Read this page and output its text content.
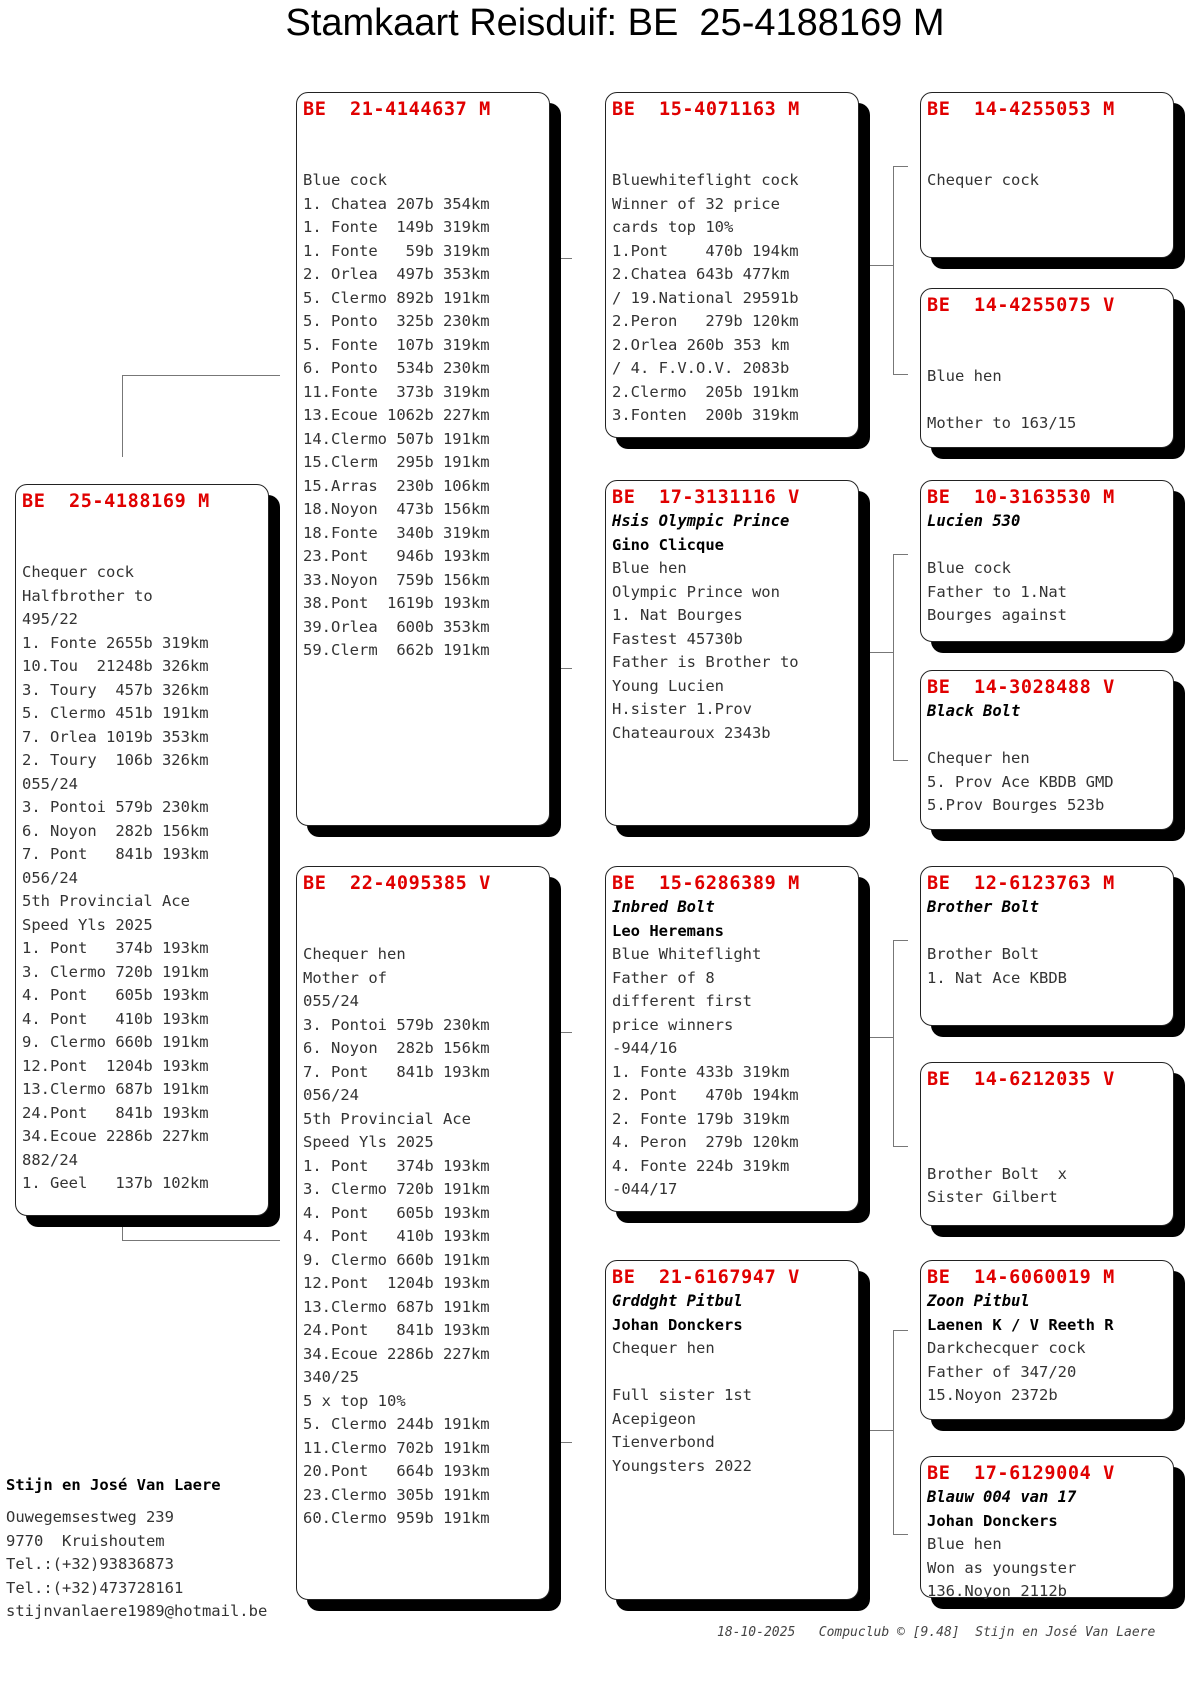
Stamkaart Reisduif: BE  25-4188169 M
BE  25-4188169 M
Chequer cock
Halfbrother to
495/22
1. Fonte 2655b 319km
10.Tou  21248b 326km
3. Toury  457b 326km
5. Clermo 451b 191km
7. Orlea 1019b 353km
2. Toury  106b 326km
055/24
3. Pontoi 579b 230km
6. Noyon  282b 156km
7. Pont   841b 193km
056/24
5th Provincial Ace
Speed Yls 2025
1. Pont   374b 193km
3. Clermo 720b 191km
4. Pont   605b 193km
4. Pont   410b 193km
9. Clermo 660b 191km
12.Pont  1204b 193km
13.Clermo 687b 191km
24.Pont   841b 193km
34.Ecoue 2286b 227km
882/24
1. Geel   137b 102km
BE  21-4144637 M
Blue cock
1. Chatea 207b 354km
1. Fonte  149b 319km
1. Fonte   59b 319km
2. Orlea  497b 353km
5. Clermo 892b 191km
5. Ponto  325b 230km
5. Fonte  107b 319km
6. Ponto  534b 230km
11.Fonte  373b 319km
13.Ecoue 1062b 227km
14.Clermo 507b 191km
15.Clerm  295b 191km
15.Arras  230b 106km
18.Noyon  473b 156km
18.Fonte  340b 319km
23.Pont   946b 193km
33.Noyon  759b 156km
38.Pont  1619b 193km
39.Orlea  600b 353km
59.Clerm  662b 191km
BE  22-4095385 V
Chequer hen
Mother of
055/24
3. Pontoi 579b 230km
6. Noyon  282b 156km
7. Pont   841b 193km
056/24
5th Provincial Ace
Speed Yls 2025
1. Pont   374b 193km
3. Clermo 720b 191km
4. Pont   605b 193km
4. Pont   410b 193km
9. Clermo 660b 191km
12.Pont  1204b 193km
13.Clermo 687b 191km
24.Pont   841b 193km
34.Ecoue 2286b 227km
340/25
5 x top 10%
5. Clermo 244b 191km
11.Clermo 702b 191km
20.Pont   664b 193km
23.Clermo 305b 191km
60.Clermo 959b 191km
BE  15-4071163 M
Bluewhiteflight cock
Winner of 32 price
cards top 10%
1.Pont    470b 194km
2.Chatea 643b 477km
/ 19.National 29591b
2.Peron   279b 120km
2.Orlea 260b 353 km
/ 4. F.V.O.V. 2083b
2.Clermo  205b 191km
3.Fonten  200b 319km
BE  17-3131116 V
Hsis Olympic Prince
Gino Clicque
Blue hen
Olympic Prince won
1. Nat Bourges
Fastest 45730b
Father is Brother to
Young Lucien
H.sister 1.Prov
Chateauroux 2343b
BE  15-6286389 M
Inbred Bolt
Leo Heremans
Blue Whiteflight
Father of 8
different first
price winners
-944/16
1. Fonte 433b 319km
2. Pont   470b 194km
2. Fonte 179b 319km
4. Peron  279b 120km
4. Fonte 224b 319km
-044/17
BE  21-6167947 V
Grddght Pitbul
Johan Donckers
Chequer hen
Full sister 1st
Acepigeon
Tienverbond
Youngsters 2022
BE  14-4255053 M
Chequer cock
BE  14-4255075 V
Blue hen
Mother to 163/15
BE  10-3163530 M
Lucien 530
Blue cock
Father to 1.Nat
Bourges against
BE  14-3028488 V
Black Bolt
Chequer hen
5. Prov Ace KBDB GMD
5.Prov Bourges 523b
BE  12-6123763 M
Brother Bolt
Brother Bolt
1. Nat Ace KBDB
BE  14-6212035 V
Brother Bolt  x
Sister Gilbert
BE  14-6060019 M
Zoon Pitbul
Laenen K / V Reeth R
Darkchecquer cock
Father of 347/20
15.Noyon 2372b
BE  17-6129004 V
Blauw 004 van 17
Johan Donckers
Blue hen
Won as youngster
136.Noyon 2112b
Stijn en José Van Laere
Ouwegemsestweg 239
9770  Kruishoutem
Tel.:(+32)93836873
Tel.:(+32)473728161
stijnvanlaere1989@hotmail.be
18-10-2025   Compuclub © [9.48]  Stijn en José Van Laere
